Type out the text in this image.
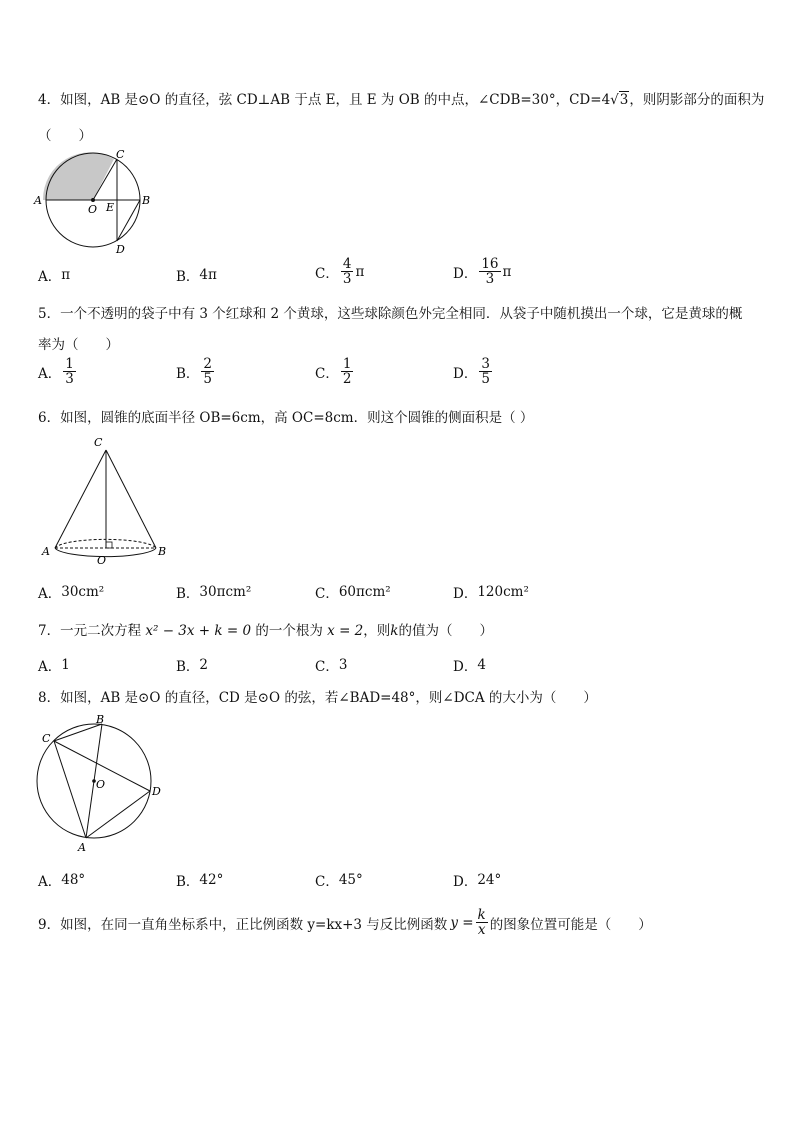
4．如图，AB 是⊙O 的直径，弦 CD⊥AB 于点 E，且 E 为 OB 的中点，∠CDB=30°，CD=4√3，则阴影部分的面积为
（　　）
A
O E
B
C
D
A． π	B． 4π	C． $\frac{4}{3}$ π	D． $\frac{16}{3}$ π
5．一个不透明的袋子中有 3 个红球和 2 个黄球，这些球除颜色外完全相同．从袋子中随机摸出一个球，它是黄球的概
率为（　　）
A． $\frac{1}{3}$	B． $\frac{2}{5}$	C． $\frac{1}{2}$	D． $\frac{3}{5}$
6．如图，圆锥的底面半径 OB=6cm，高 OC=8cm．则这个圆锥的侧面积是（ ）
C
A
O
B
A． 30cm²	B． 30πcm²	C． 60πcm²	D． 120cm²
7．一元二次方程 x² − 3x + k = 0 的一个根为 x = 2，则k的值为（　　）
A． 1	B． 2	C． 3	D． 4
8．如图，AB 是⊙O 的直径，CD 是⊙O 的弦，若∠BAD=48°，则∠DCA 的大小为（　　）
B
C
O
D
A
A． 48°	B． 42°	C． 45°	D． 24°
9．如图，在同一直角坐标系中，正比例函数 y=kx+3 与反比例函数 $y = \frac{k}{x}$ 的图象位置可能是（　　）
